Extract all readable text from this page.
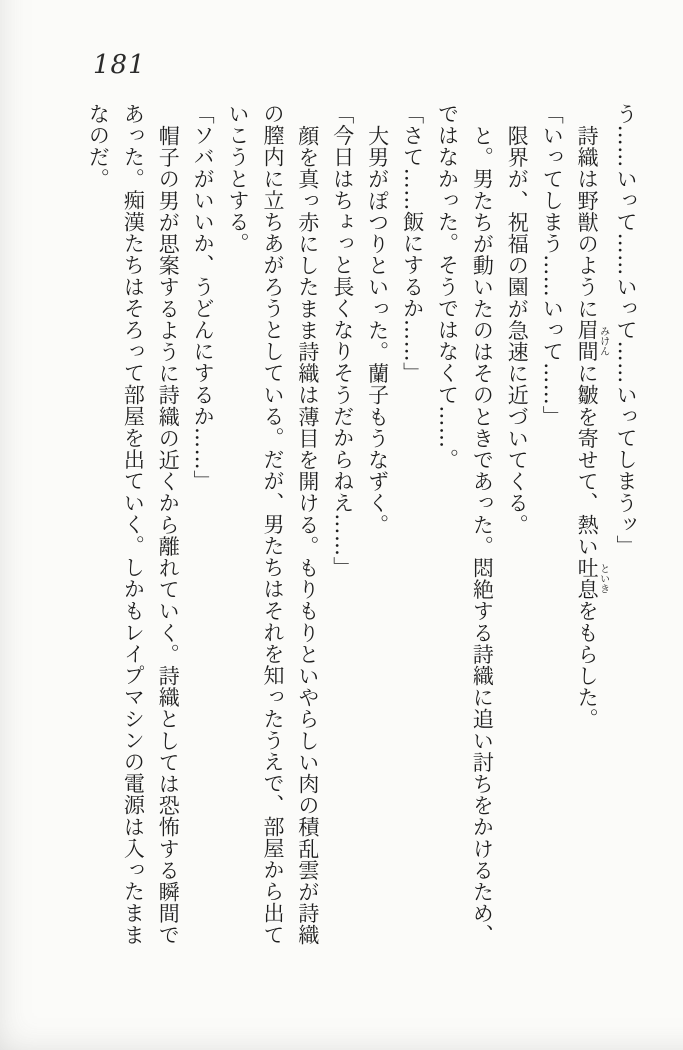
181

う……いって……いって……いってしまうッ」

詩織は野獣のように眉間みけんに皺を寄せて、熱い吐息といきをもらした。

「いってしまう……いって……」

限界が、祝福の園が急速に近づいてくる。

と。男たちが動いたのはそのときであった。悶絶する詩織に追い討ちをかけるため、ではなかった。そうではなくて……。

「さて……飯にするか……」

大男がぽつりといった。蘭子もうなずく。

「今日はちょっと長くなりそうだからねえ……」

顔を真っ赤にしたまま詩織は薄目を開ける。もりもりといやらしい肉の積乱雲が詩織の膣内に立ちあがろうとしている。だが、男たちはそれを知ったうえで、部屋から出ていこうとする。

「ソバがいいか、うどんにするか……」

帽子の男が思案するように詩織の近くから離れていく。詩織としては恐怖する瞬間であった。痴漢たちはそろって部屋を出ていく。しかもレイプマシンの電源は入ったままなのだ。
